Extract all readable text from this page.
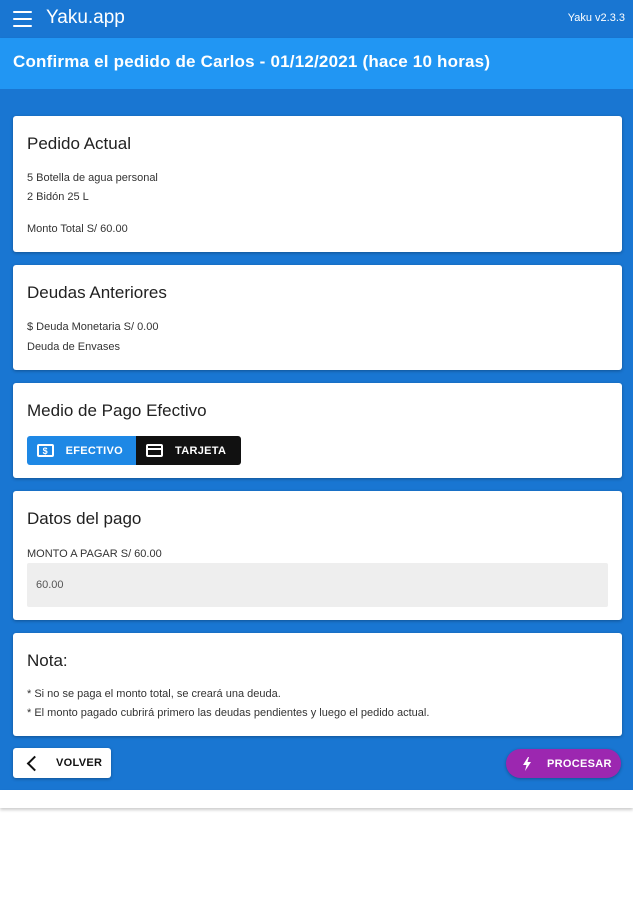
Yaku.app	Yaku v2.3.3
Confirma el pedido de Carlos - 01/12/2021 (hace 10 horas)
Pedido Actual
5 Botella de agua personal
2 Bidón 25 L
Monto Total S/ 60.00
Deudas Anteriores
$ Deuda Monetaria S/ 0.00
Deuda de Envases
Medio de Pago Efectivo
$	EFECTIVO	TARJETA
Datos del pago
MONTO A PAGAR S/ 60.00
60.00
Nota:
* Si no se paga el monto total, se creará una deuda.
* El monto pagado cubrirá primero las deudas pendientes y luego el pedido actual.
VOLVER	PROCESAR
